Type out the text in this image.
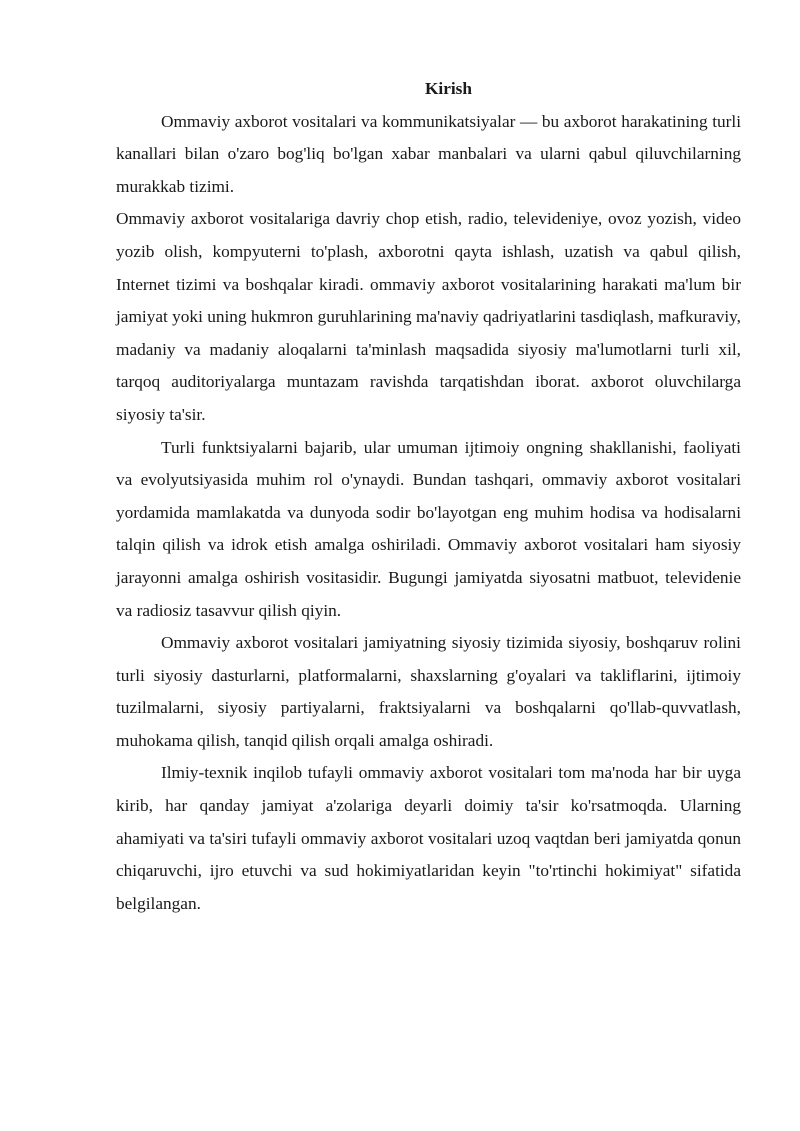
Kirish

Ommaviy axborot vositalari va kommunikatsiyalar — bu axborot harakatining turli kanallari bilan o'zaro bog'liq bo'lgan xabar manbalari va ularni qabul qiluvchilarning murakkab tizimi.

Ommaviy axborot vositalariga davriy chop etish, radio, televideniye, ovoz yozish, video yozib olish, kompyuterni to'plash, axborotni qayta ishlash, uzatish va qabul qilish, Internet tizimi va boshqalar kiradi. ommaviy axborot vositalarining harakati ma'lum bir jamiyat yoki uning hukmron guruhlarining ma'naviy qadriyatlarini tasdiqlash, mafkuraviy, madaniy va madaniy aloqalarni ta'minlash maqsadida siyosiy ma'lumotlarni turli xil, tarqoq auditoriyalarga muntazam ravishda tarqatishdan iborat. axborot oluvchilarga siyosiy ta'sir.

Turli funktsiyalarni bajarib, ular umuman ijtimoiy ongning shakllanishi, faoliyati va evolyutsiyasida muhim rol o'ynaydi. Bundan tashqari, ommaviy axborot vositalari yordamida mamlakatda va dunyoda sodir bo'layotgan eng muhim hodisa va hodisalarni talqin qilish va idrok etish amalga oshiriladi. Ommaviy axborot vositalari ham siyosiy jarayonni amalga oshirish vositasidir. Bugungi jamiyatda siyosatni matbuot, televidenie va radiosiz tasavvur qilish qiyin.

Ommaviy axborot vositalari jamiyatning siyosiy tizimida siyosiy, boshqaruv rolini turli siyosiy dasturlarni, platformalarni, shaxslarning g'oyalari va takliflarini, ijtimoiy tuzilmalarni, siyosiy partiyalarni, fraktsiyalarni va boshqalarni qo'llab-quvvatlash, muhokama qilish, tanqid qilish orqali amalga oshiradi.

Ilmiy-texnik inqilob tufayli ommaviy axborot vositalari tom ma'noda har bir uyga kirib, har qanday jamiyat a'zolariga deyarli doimiy ta'sir ko'rsatmoqda. Ularning ahamiyati va ta'siri tufayli ommaviy axborot vositalari uzoq vaqtdan beri jamiyatda qonun chiqaruvchi, ijro etuvchi va sud hokimiyatlaridan keyin "to'rtinchi hokimiyat" sifatida belgilangan.
